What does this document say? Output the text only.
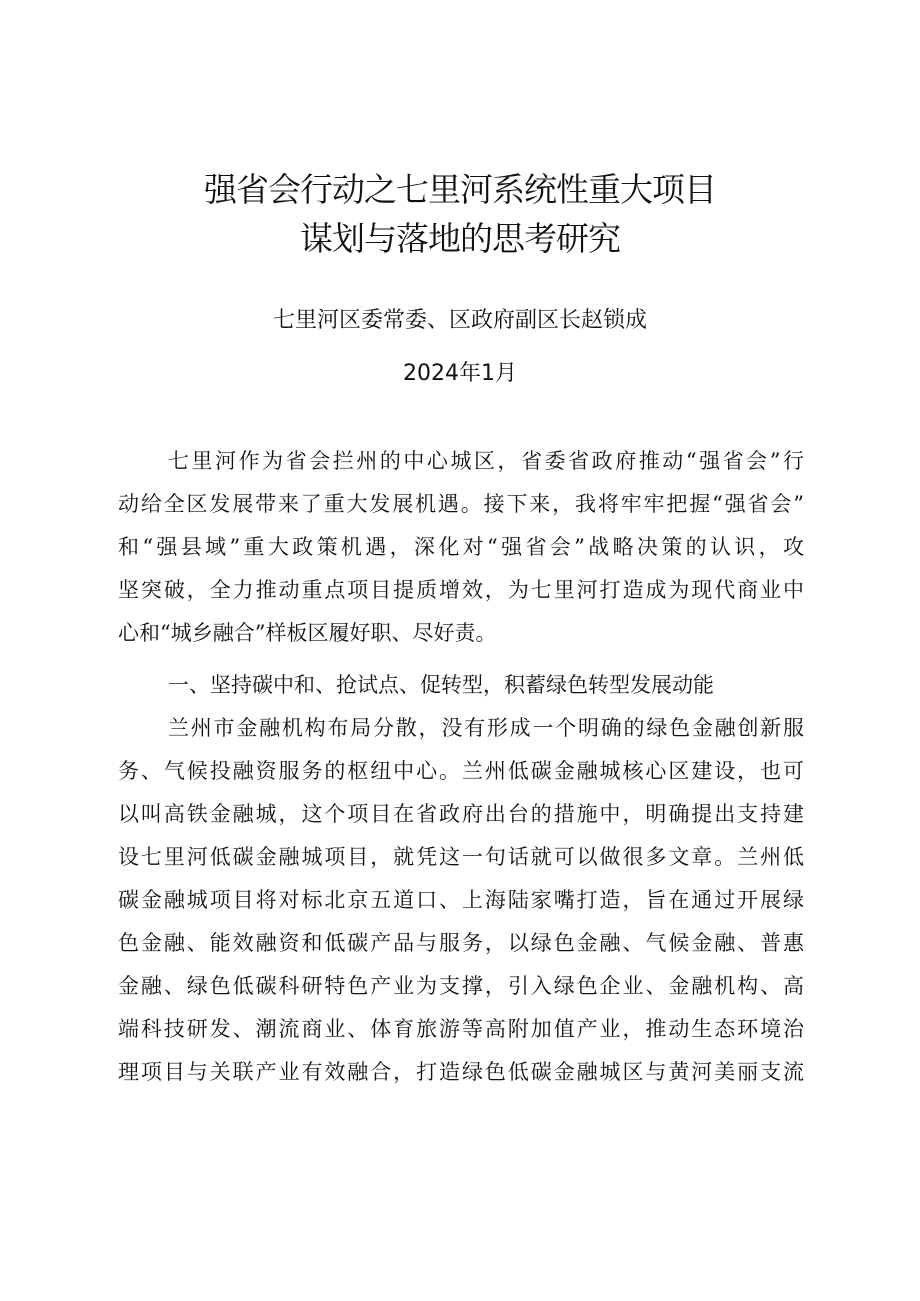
强省会行动之七里河系统性重大项目
谋划与落地的思考研究
七里河区委常委、区政府副区长赵锁成
2024年1月

七里河作为省会拦州的中心城区，省委省政府推动“强省会”行

动给全区发展带来了重大发展机遇。接下来，我将牢牢把握“强省会”

和“强县域”重大政策机遇，深化对“强省会”战略决策的认识，攻

坚突破，全力推动重点项目提质增效，为七里河打造成为现代商业中

心和“城乡融合”样板区履好职、尽好责。

一、坚持碳中和、抢试点、促转型，积蓄绿色转型发展动能

兰州市金融机构布局分散，没有形成一个明确的绿色金融创新服

务、气候投融资服务的枢纽中心。兰州低碳金融城核心区建设，也可

以叫高铁金融城，这个项目在省政府出台的措施中，明确提出支持建

设七里河低碳金融城项目，就凭这一句话就可以做很多文章。兰州低

碳金融城项目将对标北京五道口、上海陆家嘴打造，旨在通过开展绿

色金融、能效融资和低碳产品与服务，以绿色金融、气候金融、普惠

金融、绿色低碳科研特色产业为支撑，引入绿色企业、金融机构、高

端科技研发、潮流商业、体育旅游等高附加值产业，推动生态环境治

理项目与关联产业有效融合，打造绿色低碳金融城区与黄河美丽支流
